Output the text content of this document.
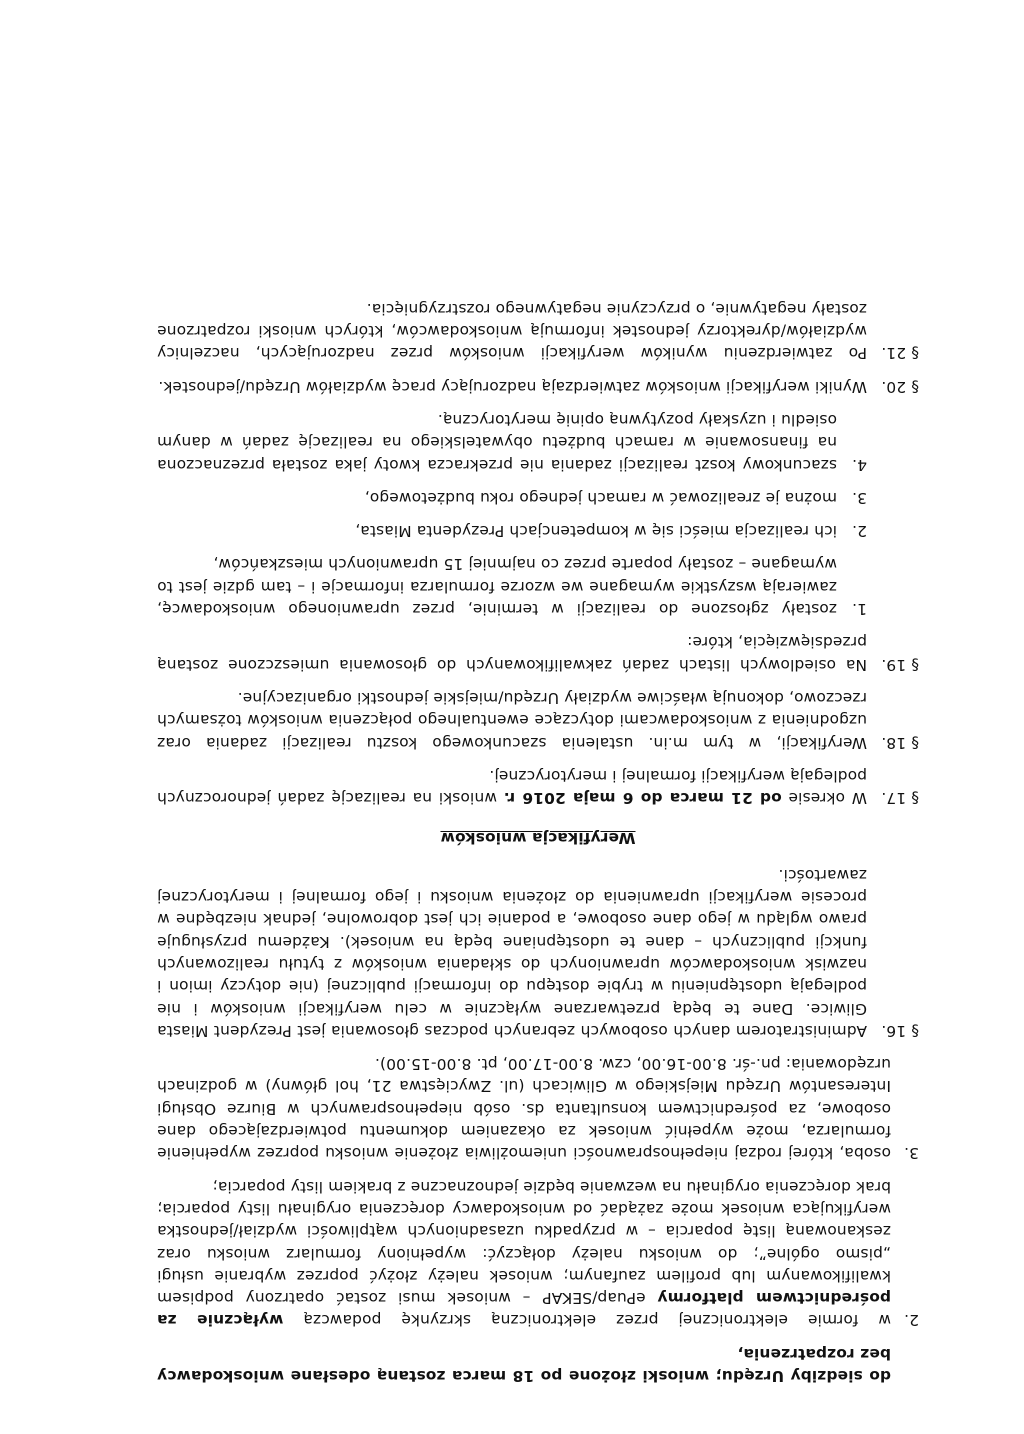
do siedziby Urzędu; wnioski złożone po 18 marca zostaną odesłane wnioskodawcy bez rozpatrzenia,

2.
w formie elektronicznej przez elektroniczną skrzynkę podawczą wyłącznie za pośrednictwem platformy ePuap/SEKAP – wniosek musi zostać opatrzony podpisem kwalifikowanym lub profilem zaufanym; wniosek należy złożyć poprzez wybranie usługi „pismo ogólne”; do wniosku należy dołączyć: wypełniony formularz wniosku oraz zeskanowaną listę poparcia – w przypadku uzasadnionych wątpliwości wydział/jednostka weryfikująca wniosek może zażądać od wnioskodawcy doręczenia oryginału listy poparcia; brak doręczenia oryginału na wezwanie będzie jednoznaczne z brakiem listy poparcia;
3.
osoba, której rodzaj niepełnosprawności uniemożliwia złożenie wniosku poprzez wypełnienie formularza, może wypełnić wniosek za okazaniem dokumentu potwierdzającego dane osobowe, za pośrednictwem konsultanta ds. osób niepełnosprawnych w Biurze Obsługi Interesantów Urzędu Miejskiego w Gliwicach (ul. Zwycięstwa 21, hol główny) w godzinach urzędowania: pn.-śr. 8.00-16.00, czw. 8.00-17.00, pt. 8.00-15.00).
§ 16.
Administratorem danych osobowych zebranych podczas głosowania jest Prezydent Miasta Gliwice. Dane te będą przetwarzane wyłącznie w celu weryfikacji wniosków i nie podlegają udostępnieniu w trybie dostępu do informacji publicznej (nie dotyczy imion i nazwisk wnioskodawców uprawnionych do składania wniosków z tytułu realizowanych funkcji publicznych – dane te udostępniane będą na wniosek). Każdemu przysługuje prawo wglądu w jego dane osobowe, a podanie ich jest dobrowolne, jednak niezbędne w procesie weryfikacji uprawnienia do złożenia wniosku i jego formalnej i merytorycznej zawartości.

Weryfikacja wniosków

§ 17.
W okresie od 21 marca do 6 maja 2016 r. wnioski na realizację zadań jednorocznych podlegają weryfikacji formalnej i merytorycznej.
§ 18.
Weryfikacji, w tym m.in. ustalenia szacunkowego kosztu realizacji zadania oraz uzgodnienia z wnioskodawcami dotyczące ewentualnego połączenia wniosków tożsamych rzeczowo, dokonują właściwe wydziały Urzędu/miejskie jednostki organizacyjne.
§ 19.
Na osiedlowych listach zadań zakwalifikowanych do głosowania umieszczone zostaną przedsięwzięcia, które:
1.
zostały zgłoszone do realizacji w terminie, przez uprawnionego wnioskodawcę, zawierają wszystkie wymagane we wzorze formularza informacje i – tam gdzie jest to wymagane – zostały poparte przez co najmniej 15 uprawnionych mieszkańców,
2.
ich realizacja mieści się w kompetencjach Prezydenta Miasta,
3.
można je zrealizować w ramach jednego roku budżetowego,
4.
szacunkowy koszt realizacji zadania nie przekracza kwoty jaka została przeznaczona na finansowanie w ramach budżetu obywatelskiego na realizację zadań w danym osiedlu i uzyskały pozytywną opinię merytoryczną.
§ 20.
Wyniki weryfikacji wniosków zatwierdzają nadzorujący pracę wydziałów Urzędu/jednostek.
§ 21.
Po zatwierdzeniu wyników weryfikacji wniosków przez nadzorujących, naczelnicy wydziałów/dyrektorzy jednostek informują wnioskodawców, których wnioski rozpatrzone zostały negatywnie, o przyczynie negatywnego rozstrzygnięcia.
